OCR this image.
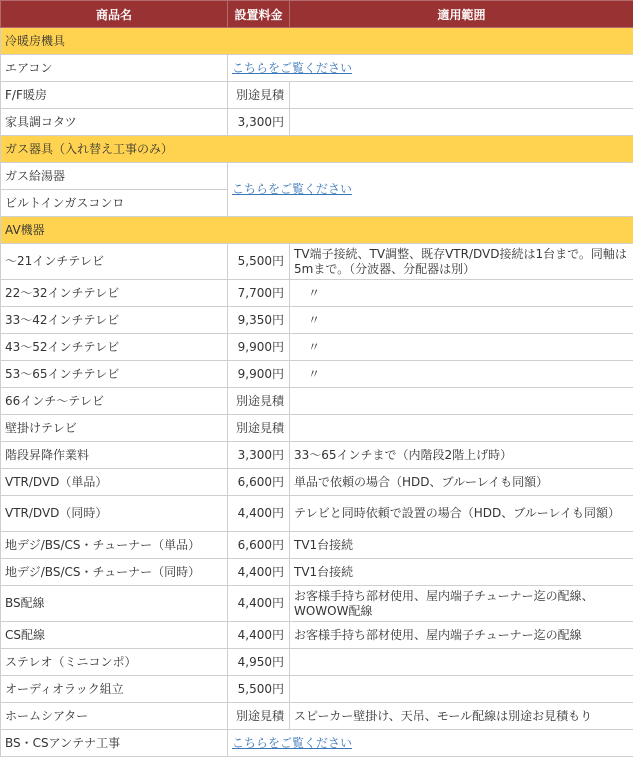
商品名	設置料金	適用範囲
冷暖房機具		
エアコン	こちらをご覧ください	
F/F暖房	別途見積	
家具調コタツ	3,300円	
ガス器具（入れ替え工事のみ）		
ガス給湯器	こちらをご覧ください	
ビルトインガスコンロ		
AV機器		
～21インチテレビ	5,500円	TV端子接続、TV調整、既存VTR/DVD接続は1台まで。同軸は5mまで。（分波器、分配器は別）
22～32インチテレビ	7,700円	〃
33～42インチテレビ	9,350円	〃
43～52インチテレビ	9,900円	〃
53～65インチテレビ	9,900円	〃
66インチ～テレビ	別途見積	
壁掛けテレビ	別途見積	
階段昇降作業料	3,300円	33～65インチまで（内階段2階上げ時）
VTR/DVD（単品）	6,600円	単品で依頼の場合（HDD、ブルーレイも同額）
VTR/DVD（同時）	4,400円	テレビと同時依頼で設置の場合（HDD、ブルーレイも同額）
地デジ/BS/CS・チューナー（単品）	6,600円	TV1台接続
地デジ/BS/CS・チューナー（同時）	4,400円	TV1台接続
BS配線	4,400円	お客様手持ち部材使用、屋内端子チューナー迄の配線、WOWOW配線
CS配線	4,400円	お客様手持ち部材使用、屋内端子チューナー迄の配線
ステレオ（ミニコンポ）	4,950円	
オーディオラック組立	5,500円	
ホームシアター	別途見積	スピーカー壁掛け、天吊、モール配線は別途お見積もり
BS・CSアンテナ工事	こちらをご覧ください	
